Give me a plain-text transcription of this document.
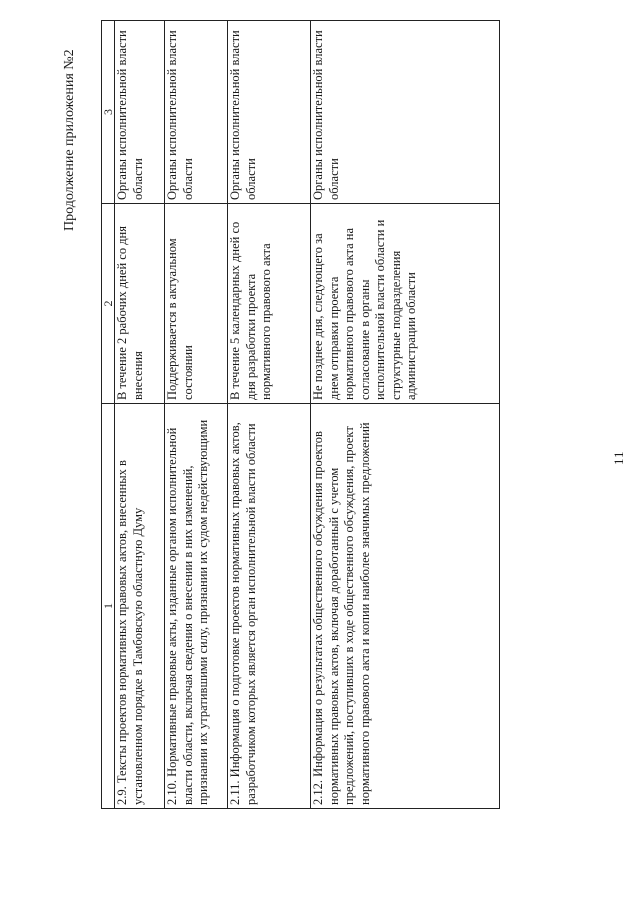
11
Продолжение приложения №2
1	2	3
2.9. Тексты проектов нормативных правовых актов, внесенных в установленном порядке в Тамбовскую областную Думу	В течение 2 рабочих дней со дня внесения	Органы исполнительной власти области
2.10. Нормативные правовые акты, изданные органом исполнительной власти области, включая сведения о внесении в них изменений, признании их утратившими силу, признании их судом недействующими	Поддерживается в актуальном состоянии	Органы исполнительной власти области
2.11. Информация о подготовке проектов нормативных правовых актов, разработчиком которых является орган исполнительной власти области	В течение 5 календарных дней со дня разработки проекта нормативного правового акта	Органы исполнительной власти области
2.12. Информация о результатах общественного обсуждения проектов нормативных правовых актов, включая доработанный с учетом предложений, поступивших в ходе общественного обсуждения, проект нормативного правового акта и копии наиболее значимых предложений	Не позднее дня, следующего за днем отправки проекта нормативного правового акта на согласование в органы исполнительной власти области и структурные подразделения администрации области	Органы исполнительной власти области
